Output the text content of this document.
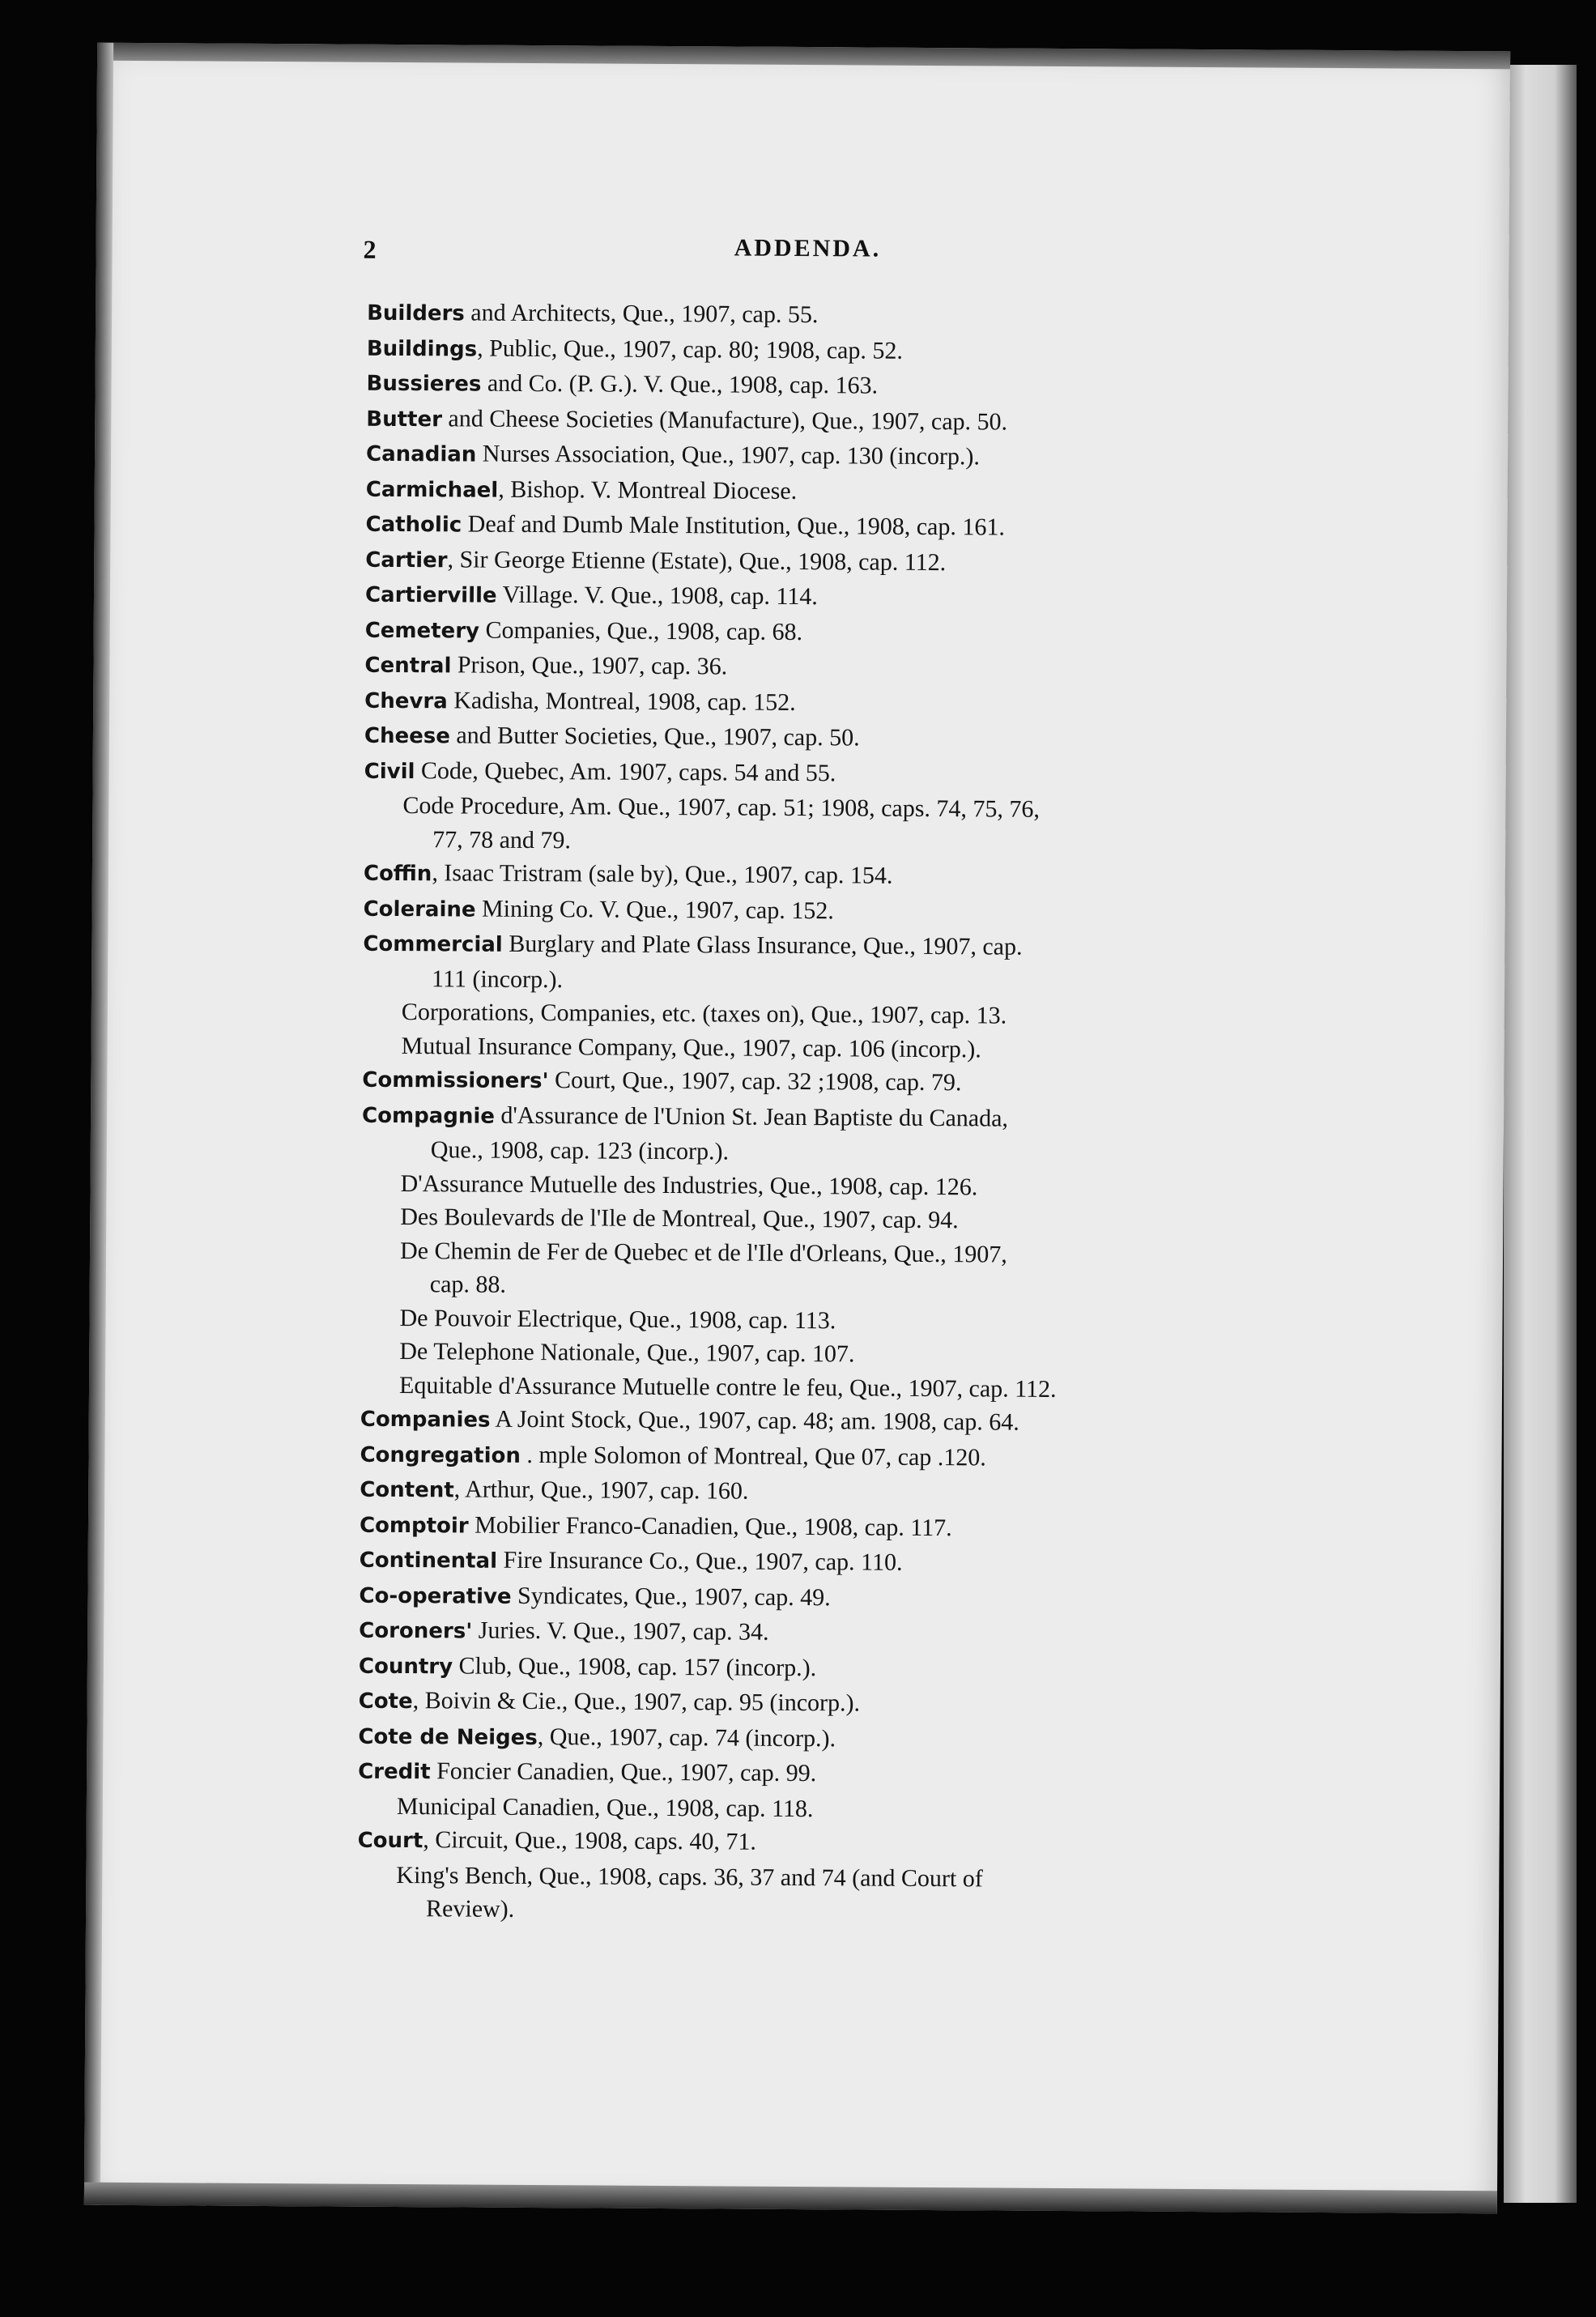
2	ADDENDA.
Builders and Architects, Que., 1907, cap. 55.
Buildings, Public, Que., 1907, cap. 80; 1908, cap. 52.
Bussieres and Co. (P. G.). V. Que., 1908, cap. 163.
Butter and Cheese Societies (Manufacture), Que., 1907, cap. 50.
Canadian Nurses Association, Que., 1907, cap. 130 (incorp.).
Carmichael, Bishop. V. Montreal Diocese.
Catholic Deaf and Dumb Male Institution, Que., 1908, cap. 161.
Cartier, Sir George Etienne (Estate), Que., 1908, cap. 112.
Cartierville Village. V. Que., 1908, cap. 114.
Cemetery Companies, Que., 1908, cap. 68.
Central Prison, Que., 1907, cap. 36.
Chevra Kadisha, Montreal, 1908, cap. 152.
Cheese and Butter Societies, Que., 1907, cap. 50.
Civil Code, Quebec, Am. 1907, caps. 54 and 55.
Code Procedure, Am. Que., 1907, cap. 51; 1908, caps. 74, 75, 76,
77, 78 and 79.
Coffin, Isaac Tristram (sale by), Que., 1907, cap. 154.
Coleraine Mining Co. V. Que., 1907, cap. 152.
Commercial Burglary and Plate Glass Insurance, Que., 1907, cap.
111 (incorp.).
Corporations, Companies, etc. (taxes on), Que., 1907, cap. 13.
Mutual Insurance Company, Que., 1907, cap. 106 (incorp.).
Commissioners' Court, Que., 1907, cap. 32 ;1908, cap. 79.
Compagnie d'Assurance de l'Union St. Jean Baptiste du Canada,
Que., 1908, cap. 123 (incorp.).
D'Assurance Mutuelle des Industries, Que., 1908, cap. 126.
Des Boulevards de l'Ile de Montreal, Que., 1907, cap. 94.
De Chemin de Fer de Quebec et de l'Ile d'Orleans, Que., 1907,
cap. 88.
De Pouvoir Electrique, Que., 1908, cap. 113.
De Telephone Nationale, Que., 1907, cap. 107.
Equitable d'Assurance Mutuelle contre le feu, Que., 1907, cap. 112.
Companies A Joint Stock, Que., 1907, cap. 48; am. 1908, cap. 64.
Congregation . mple Solomon of Montreal, Que 07, cap .120.
Content, Arthur, Que., 1907, cap. 160.
Comptoir Mobilier Franco-Canadien, Que., 1908, cap. 117.
Continental Fire Insurance Co., Que., 1907, cap. 110.
Co-operative Syndicates, Que., 1907, cap. 49.
Coroners' Juries. V. Que., 1907, cap. 34.
Country Club, Que., 1908, cap. 157 (incorp.).
Cote, Boivin & Cie., Que., 1907, cap. 95 (incorp.).
Cote de Neiges, Que., 1907, cap. 74 (incorp.).
Credit Foncier Canadien, Que., 1907, cap. 99.
Municipal Canadien, Que., 1908, cap. 118.
Court, Circuit, Que., 1908, caps. 40, 71.
King's Bench, Que., 1908, caps. 36, 37 and 74 (and Court of
Review).
